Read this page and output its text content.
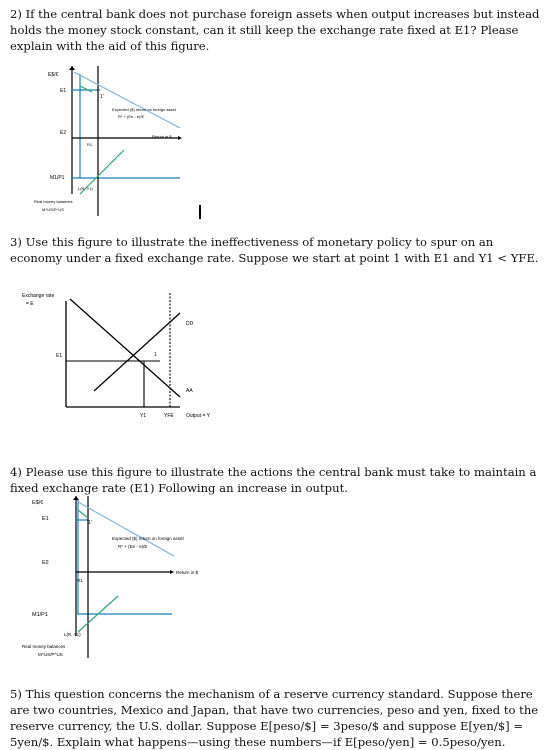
2) If the central bank does not purchase foreign assets when output increases but instead holds the money stock constant, can it still keep the exchange rate fixed at E1? Please explain with the aid of this figure.
E$/€
E1
E2
M1/P1
1'
Expected ($) return on foreign asset
R* + (Ee - e)/E
Return in $
R1
L(R, Y1)
Real money balances
M^US/P^US
3) Use this figure to illustrate the ineffectiveness of monetary policy to spur on an economy under a fixed exchange rate. Suppose we start at point 1 with E1 and Y1 < YFE.
Exchange rate
= E
E1
DD
AA
1
Y1	YFE Output = Y
4) Please use this figure to illustrate the actions the central bank must take to maintain a fixed exchange rate (E1) Following an increase in output.
E$/€
E1
E2
M1/P1
1'
Expected ($) return on foreign asset
R* + (Ee - e)/E
Return in $
R1
L(R, Y1)
Real money balances
M^US/P^US
5) This question concerns the mechanism of a reserve currency standard. Suppose there are two countries, Mexico and Japan, that have two currencies, peso and yen, fixed to the reserve currency, the U.S. dollar. Suppose E[peso/$] = 3peso/$ and suppose E[yen/$] = 5yen/$. Explain what happens—using these numbers—if E[peso/yen] = 0.5peso/yen.
